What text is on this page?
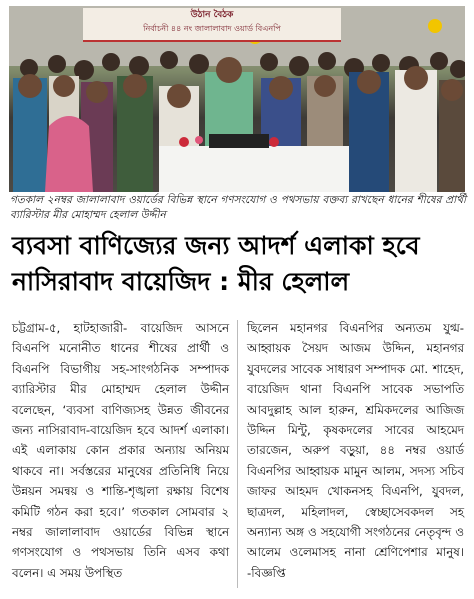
উঠান বৈঠক
নির্বাচনী ৪৪ নং জালালাবাদ ওয়ার্ড বিএনপি
গতকাল ২নম্বর জালালাবাদ ওয়ার্ডের বিভিন্ন স্থানে গণসংযোগ ও পথসভায় বক্তব্য রাখছেন ধানের শীষের প্রার্থী ব্যারিস্টার মীর মোহাম্মদ হেলাল উদ্দীন
ব্যবসা বাণিজ্যের জন্য আদর্শ এলাকা হবে নাসিরাবাদ বায়েজিদ : মীর হেলাল
চট্টগ্রাম-৫, হাটহাজারী- বায়েজিদ আসনে বিএনপি মনোনীত ধানের শীষের প্রার্থী ও বিএনপি বিভাগীয় সহ-সাংগঠনিক সম্পাদক ব্যারিস্টার মীর মোহাম্মদ হেলাল উদ্দীন বলেছেন, ‘ব্যবসা বাণিজ্যসহ উন্নত জীবনের জন্য নাসিরাবাদ-বায়েজিদ হবে আদর্শ এলাকা। এই এলাকায় কোন প্রকার অন্যায় অনিয়ম থাকবে না। সর্বস্তরের মানুষের প্রতিনিধি নিয়ে উন্নয়ন সমন্বয় ও শান্তি-শৃঙ্খলা রক্ষায় বিশেষ কমিটি গঠন করা হবে।’ গতকাল সোমবার ২ নম্বর জালালাবাদ ওয়ার্ডের বিভিন্ন স্থানে গণসংযোগ ও পথসভায় তিনি এসব কথা বলেন। এ সময় উপস্থিত
ছিলেন মহানগর বিএনপির অন্যতম যুগ্ম-আহ্বায়ক সৈয়দ আজম উদ্দিন, মহানগর যুবদলের সাবেক সাধারণ সম্পাদক মো. শাহেদ, বায়েজিদ থানা বিএনপি সাবেক সভাপতি আবদুল্লাহ আল হারুন, শ্রমিকদলের আজিজ উদ্দিন মিন্টু, কৃষকদলের সাবের আহমেদ তারজেন, অরুপ বড়ুয়া, ৪৪ নম্বর ওয়ার্ড বিএনপির আহ্বায়ক মামুন আলম, সদস্য সচিব জাফর আহমদ খোকনসহ বিএনপি, যুবদল, ছাত্রদল, মহিলাদল, স্বেচ্ছাসেবকদল সহ অন্যান্য অঙ্গ ও সহযোগী সংগঠনের নেতৃবৃন্দ ও আলেম ওলেমাসহ নানা শ্রেণিপেশার মানুষ। -বিজ্ঞপ্তি
